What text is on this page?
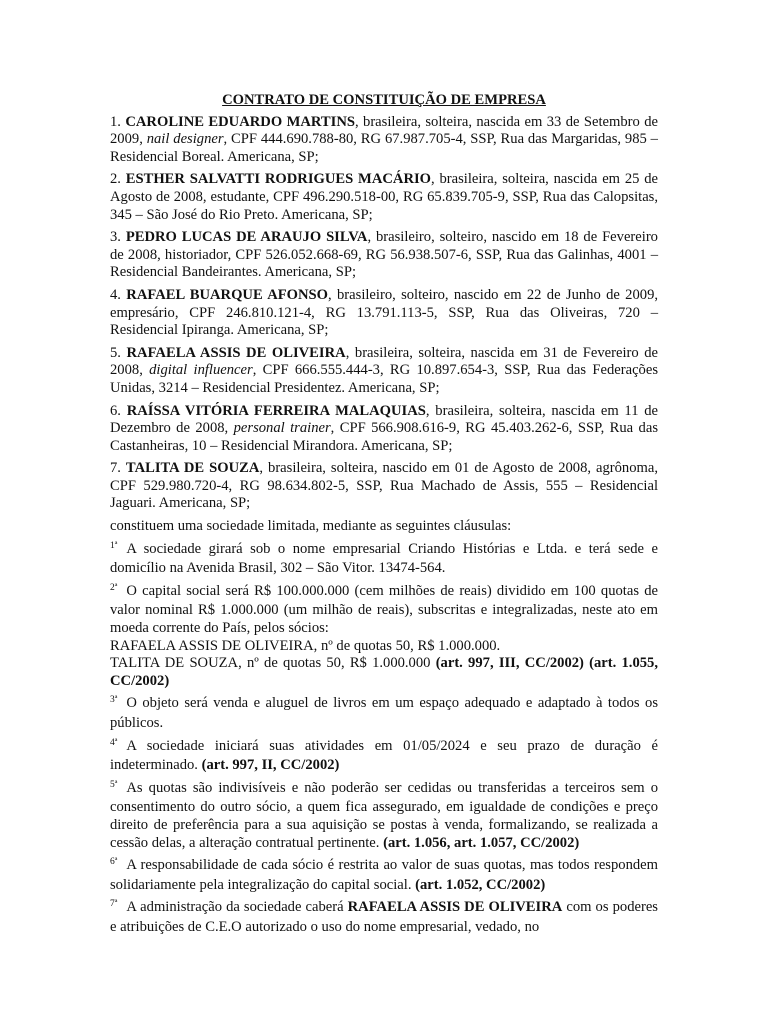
CONTRATO DE CONSTITUIÇÃO DE EMPRESA

1. CAROLINE EDUARDO MARTINS, brasileira, solteira, nascida em 33 de Setembro de 2009, nail designer, CPF 444.690.788-80, RG 67.987.705-4, SSP, Rua das Margaridas, 985 – Residencial Boreal. Americana, SP;

2. ESTHER SALVATTI RODRIGUES MACÁRIO, brasileira, solteira, nascida em 25 de Agosto de 2008, estudante, CPF 496.290.518-00, RG 65.839.705-9, SSP, Rua das Calopsitas, 345 – São José do Rio Preto. Americana, SP;

3. PEDRO LUCAS DE ARAUJO SILVA, brasileiro, solteiro, nascido em 18 de Fevereiro de 2008, historiador, CPF 526.052.668-69, RG 56.938.507-6, SSP, Rua das Galinhas, 4001 – Residencial Bandeirantes. Americana, SP;

4. RAFAEL BUARQUE AFONSO, brasileiro, solteiro, nascido em 22 de Junho de 2009, empresário, CPF 246.810.121-4, RG 13.791.113-5, SSP, Rua das Oliveiras, 720 – Residencial Ipiranga. Americana, SP;

5. RAFAELA ASSIS DE OLIVEIRA, brasileira, solteira, nascida em 31 de Fevereiro de 2008, digital influencer, CPF 666.555.444-3, RG 10.897.654-3, SSP, Rua das Federações Unidas, 3214 – Residencial Presidentez. Americana, SP;

6. RAÍSSA VITÓRIA FERREIRA MALAQUIAS, brasileira, solteira, nascida em 11 de Dezembro de 2008, personal trainer, CPF 566.908.616-9, RG 45.403.262-6, SSP, Rua das Castanheiras, 10 – Residencial Mirandora. Americana, SP;

7. TALITA DE SOUZA, brasileira, solteira, nascido em 01 de Agosto de 2008, agrônoma, CPF 529.980.720-4, RG 98.634.802-5, SSP, Rua Machado de Assis, 555 – Residencial Jaguari. Americana, SP;

constituem uma sociedade limitada, mediante as seguintes cláusulas:

$^{1ª}$ A sociedade girará sob o nome empresarial Criando Histórias e Ltda. e terá sede e domicílio na Avenida Brasil, 302 – São Vitor. 13474-564.

$^{2ª}$ O capital social será R$ 100.000.000 (cem milhões de reais) dividido em 100 quotas de valor nominal R$ 1.000.000 (um milhão de reais), subscritas e integralizadas, neste ato em moeda corrente do País, pelos sócios:
RAFAELA ASSIS DE OLIVEIRA, nº de quotas 50, R$ 1.000.000.
TALITA DE SOUZA, nº de quotas 50, R$ 1.000.000 (art. 997, III, CC/2002) (art. 1.055, CC/2002)

$^{3ª}$ O objeto será venda e aluguel de livros em um espaço adequado e adaptado à todos os públicos.

$^{4ª}$ A sociedade iniciará suas atividades em 01/05/2024 e seu prazo de duração é indeterminado. (art. 997, II, CC/2002)

$^{5ª}$ As quotas são indivisíveis e não poderão ser cedidas ou transferidas a terceiros sem o consentimento do outro sócio, a quem fica assegurado, em igualdade de condições e preço direito de preferência para a sua aquisição se postas à venda, formalizando, se realizada a cessão delas, a alteração contratual pertinente. (art. 1.056, art. 1.057, CC/2002)

$^{6ª}$ A responsabilidade de cada sócio é restrita ao valor de suas quotas, mas todos respondem solidariamente pela integralização do capital social. (art. 1.052, CC/2002)

$^{7ª}$ A administração da sociedade caberá RAFAELA ASSIS DE OLIVEIRA com os poderes e atribuições de C.E.O autorizado o uso do nome empresarial, vedado, no
